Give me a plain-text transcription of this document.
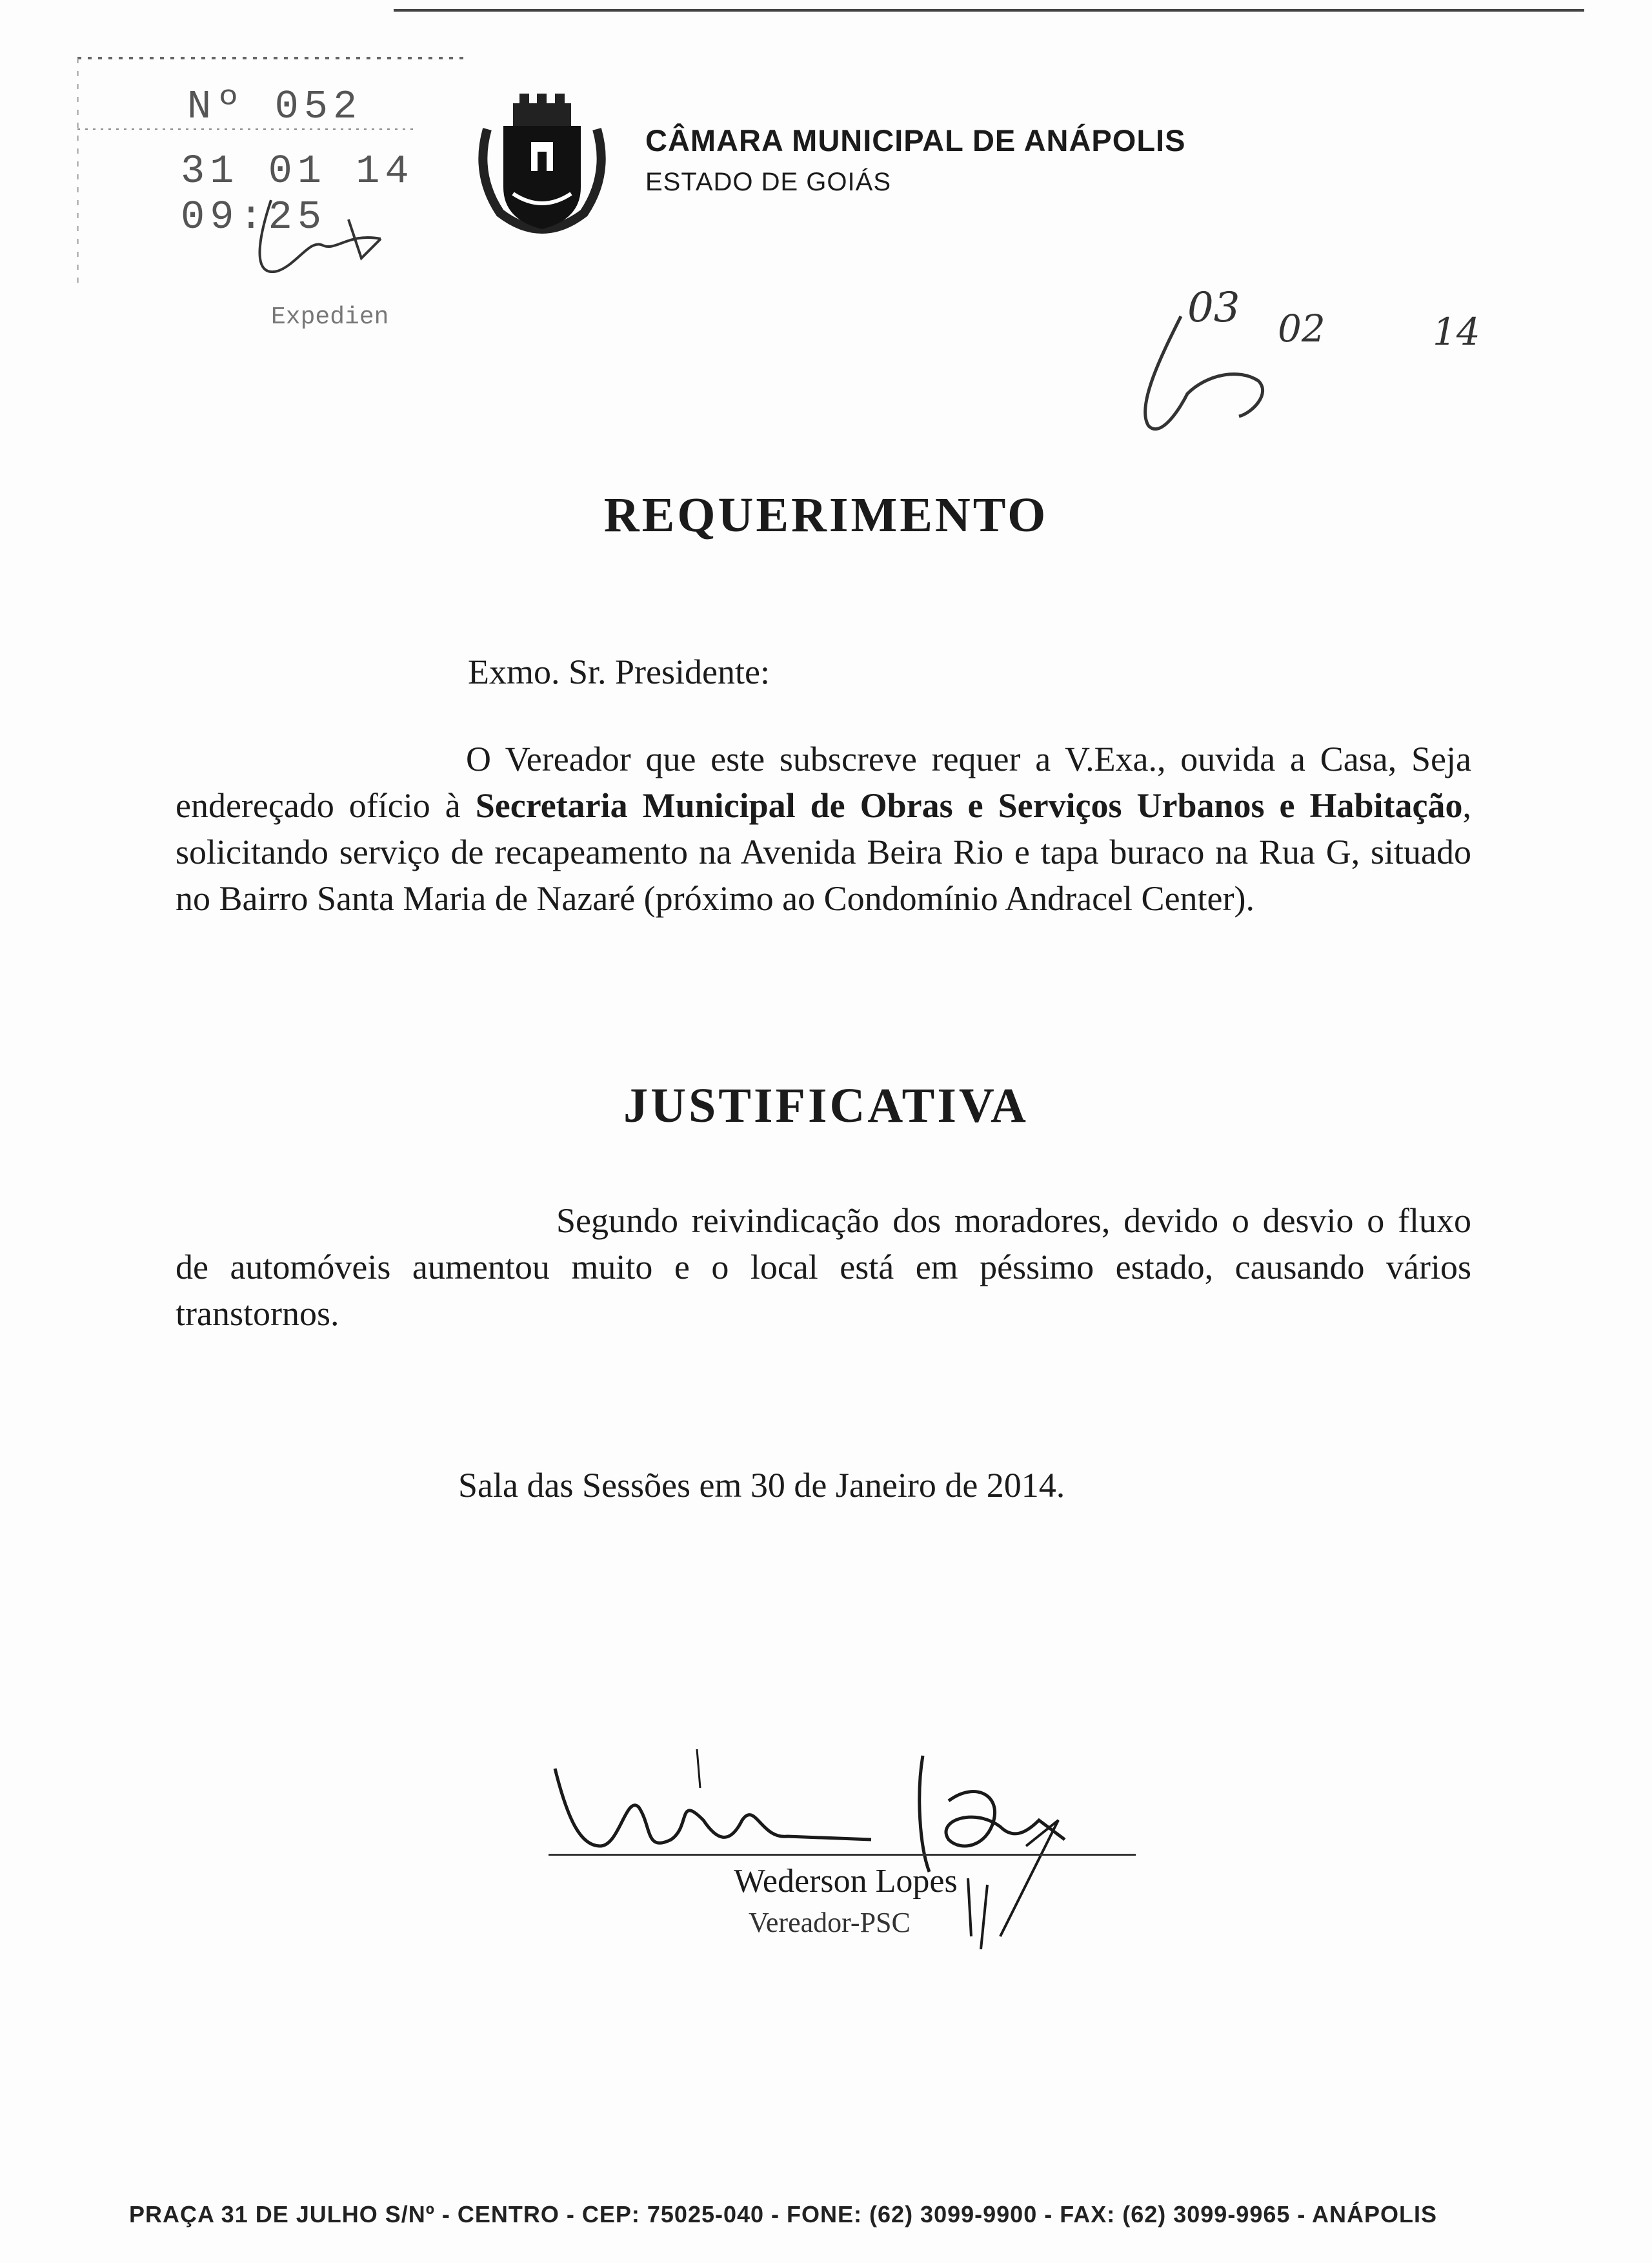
Nº 052
31 01 14 09:25
Expedien
CÂMARA MUNICIPAL DE ANÁPOLIS
ESTADO DE GOIÁS
03 02	14
REQUERIMENTO
Exmo. Sr. Presidente:
O Vereador que este subscreve requer a V.Exa., ouvida a Casa, Seja endereçado ofício à Secretaria Municipal de Obras e Serviços Urbanos e Habitação, solicitando serviço de recapeamento na Avenida Beira Rio e tapa buraco na Rua G, situado no Bairro Santa Maria de Nazaré (próximo ao Condomínio Andracel Center).
JUSTIFICATIVA
Segundo reivindicação dos moradores, devido o desvio o fluxo de automóveis aumentou muito e o local está em péssimo estado, causando vários transtornos.
Sala das Sessões em 30 de Janeiro de 2014.
Wederson Lopes
Vereador-PSC
PRAÇA 31 DE JULHO S/Nº - CENTRO - CEP: 75025-040 - FONE: (62) 3099-9900 - FAX: (62) 3099-9965 - ANÁPOLIS
